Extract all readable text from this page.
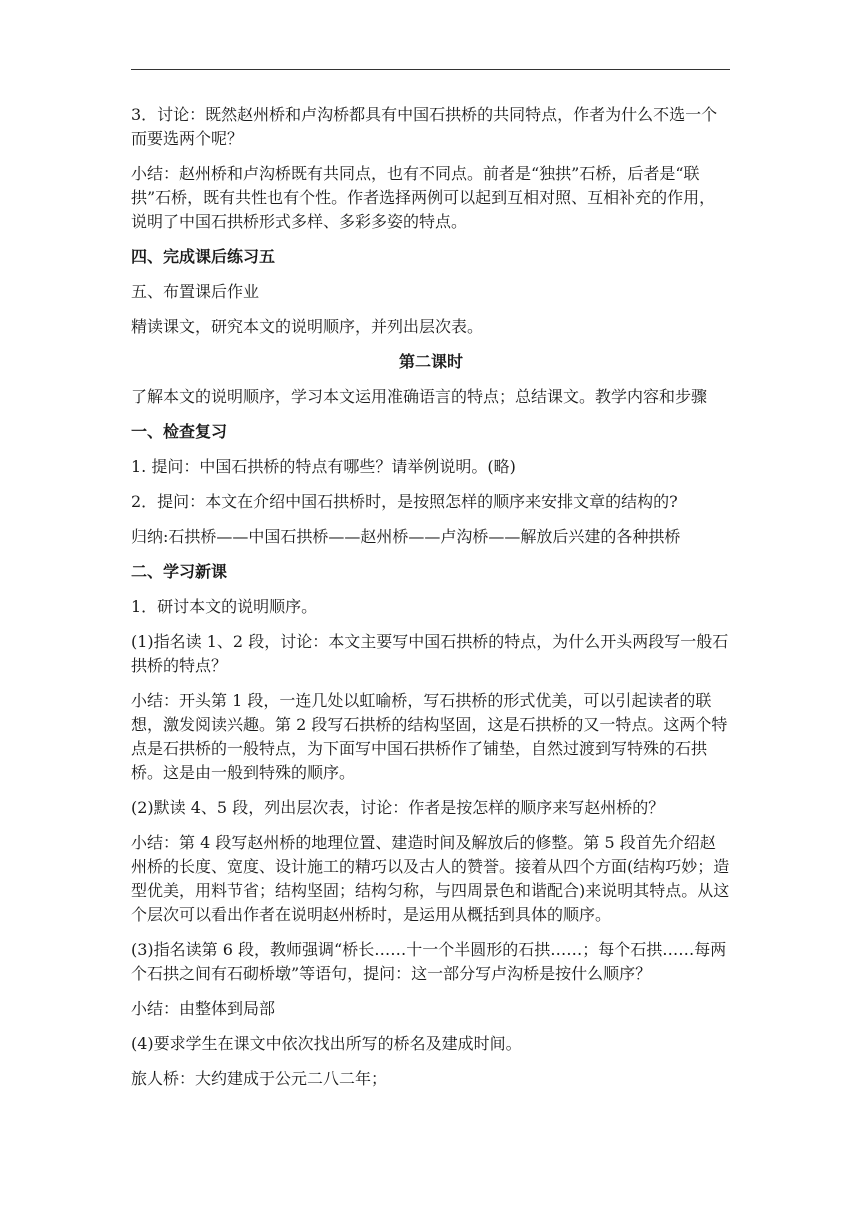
3．讨论：既然赵州桥和卢沟桥都具有中国石拱桥的共同特点，作者为什么不选一个而要选两个呢？

小结：赵州桥和卢沟桥既有共同点，也有不同点。前者是“独拱”石桥，后者是“联拱”石桥，既有共性也有个性。作者选择两例可以起到互相对照、互相补充的作用，说明了中国石拱桥形式多样、多彩多姿的特点。

四、完成课后练习五

五、布置课后作业

精读课文，研究本文的说明顺序，并列出层次表。

第二课时

了解本文的说明顺序，学习本文运用准确语言的特点；总结课文。教学内容和步骤

一、检查复习

1. 提问：中国石拱桥的特点有哪些？请举例说明。(略)

2．提问：本文在介绍中国石拱桥时，是按照怎样的顺序来安排文章的结构的?

归纳:石拱桥——中国石拱桥——赵州桥——卢沟桥——解放后兴建的各种拱桥

二、学习新课

1．研讨本文的说明顺序。

(1)指名读 1、2 段，讨论：本文主要写中国石拱桥的特点，为什么开头两段写一般石拱桥的特点？

小结：开头第 1 段，一连几处以虹喻桥，写石拱桥的形式优美，可以引起读者的联想，激发阅读兴趣。第 2 段写石拱桥的结构坚固，这是石拱桥的又一特点。这两个特点是石拱桥的一般特点，为下面写中国石拱桥作了铺垫，自然过渡到写特殊的石拱桥。这是由一般到特殊的顺序。

(2)默读 4、5 段，列出层次表，讨论：作者是按怎样的顺序来写赵州桥的？

小结：第 4 段写赵州桥的地理位置、建造时间及解放后的修整。第 5 段首先介绍赵州桥的长度、宽度、设计施工的精巧以及古人的赞誉。接着从四个方面(结构巧妙；造型优美，用料节省；结构坚固；结构匀称，与四周景色和谐配合)来说明其特点。从这个层次可以看出作者在说明赵州桥时，是运用从概括到具体的顺序。

(3)指名读第 6 段，教师强调“桥长……十一个半圆形的石拱……；每个石拱……每两个石拱之间有石砌桥墩”等语句，提问：这一部分写卢沟桥是按什么顺序？

小结：由整体到局部

(4)要求学生在课文中依次找出所写的桥名及建成时间。

旅人桥：大约建成于公元二八二年；
